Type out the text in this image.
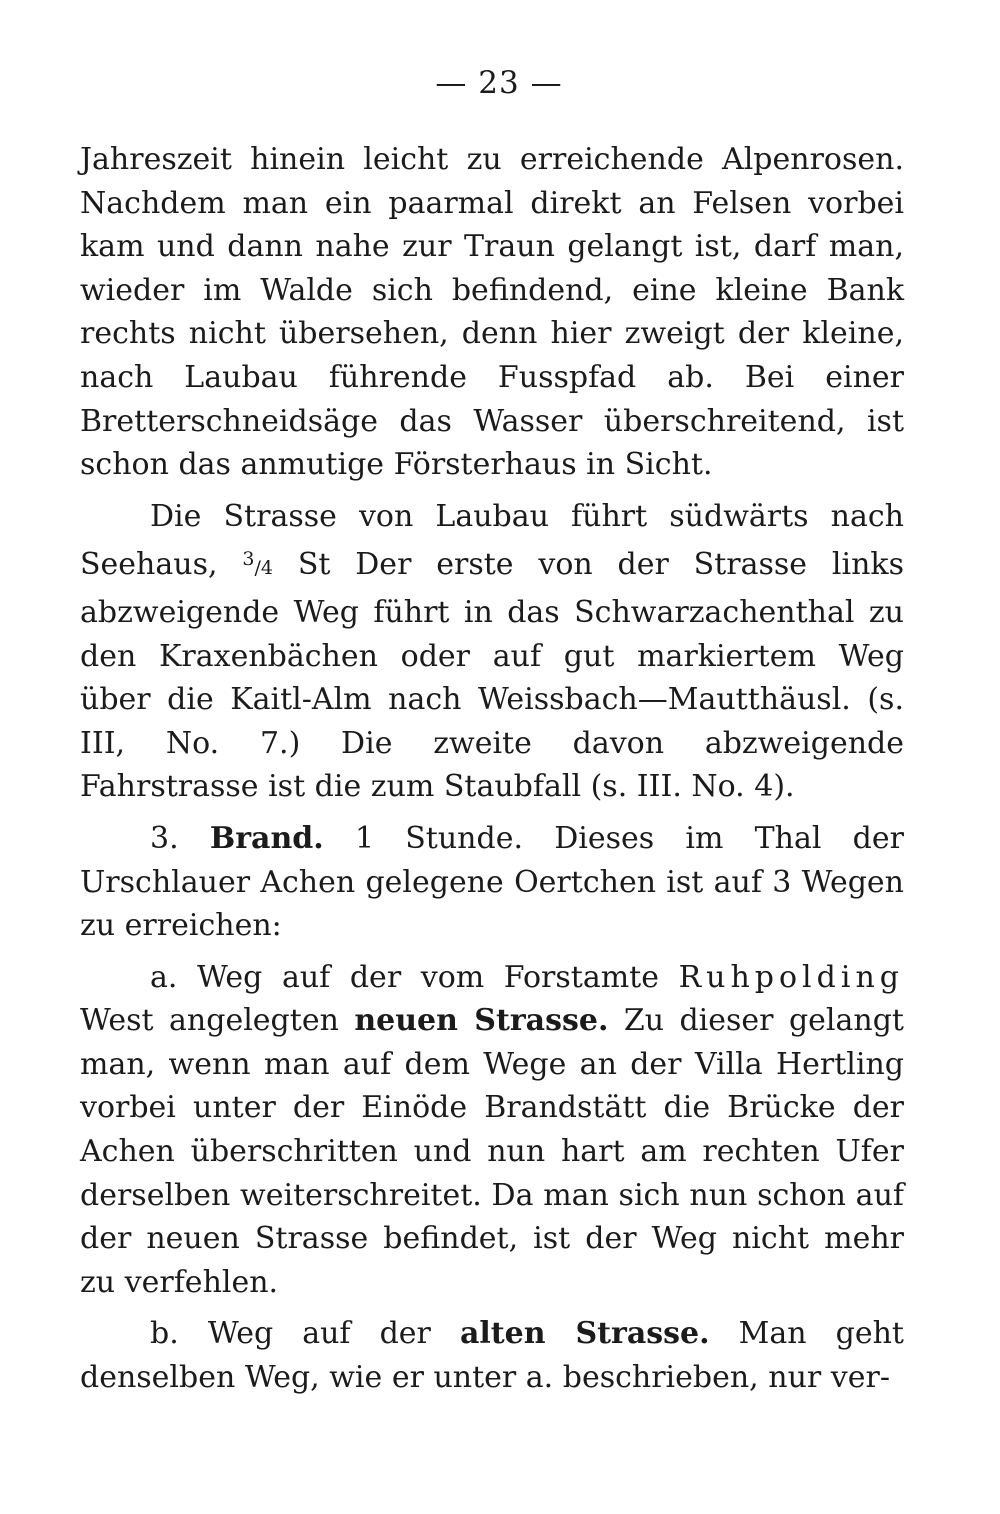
— 23 —

Jahreszeit hinein leicht zu erreichende Alpenrosen. Nachdem man ein paarmal direkt an Felsen vorbei kam und dann nahe zur Traun gelangt ist, darf man, wieder im Walde sich befindend, eine kleine Bank rechts nicht übersehen, denn hier zweigt der kleine, nach Laubau führende Fusspfad ab. Bei einer Bretterschneidsäge das Wasser überschreitend, ist schon das anmutige Försterhaus in Sicht.

Die Strasse von Laubau führt südwärts nach Seehaus, $^3$/4 St Der erste von der Strasse links abzweigende Weg führt in das Schwarzachenthal zu den Kraxenbächen oder auf gut markiertem Weg über die Kaitl-Alm nach Weissbach—Mautthäusl. (s. III, No. 7.) Die zweite davon abzweigende Fahrstrasse ist die zum Staubfall (s. III. No. 4).

3. Brand. 1 Stunde. Dieses im Thal der Urschlauer Achen gelegene Oertchen ist auf 3 Wegen zu erreichen:

a. Weg auf der vom Forstamte Ruhpolding West angelegten neuen Strasse. Zu dieser gelangt man, wenn man auf dem Wege an der Villa Hertling vorbei unter der Einöde Brandstätt die Brücke der Achen überschritten und nun hart am rechten Ufer derselben weiterschreitet. Da man sich nun schon auf der neuen Strasse befindet, ist der Weg nicht mehr zu verfehlen.

b. Weg auf der alten Strasse. Man geht denselben Weg, wie er unter a. beschrieben, nur ver-
